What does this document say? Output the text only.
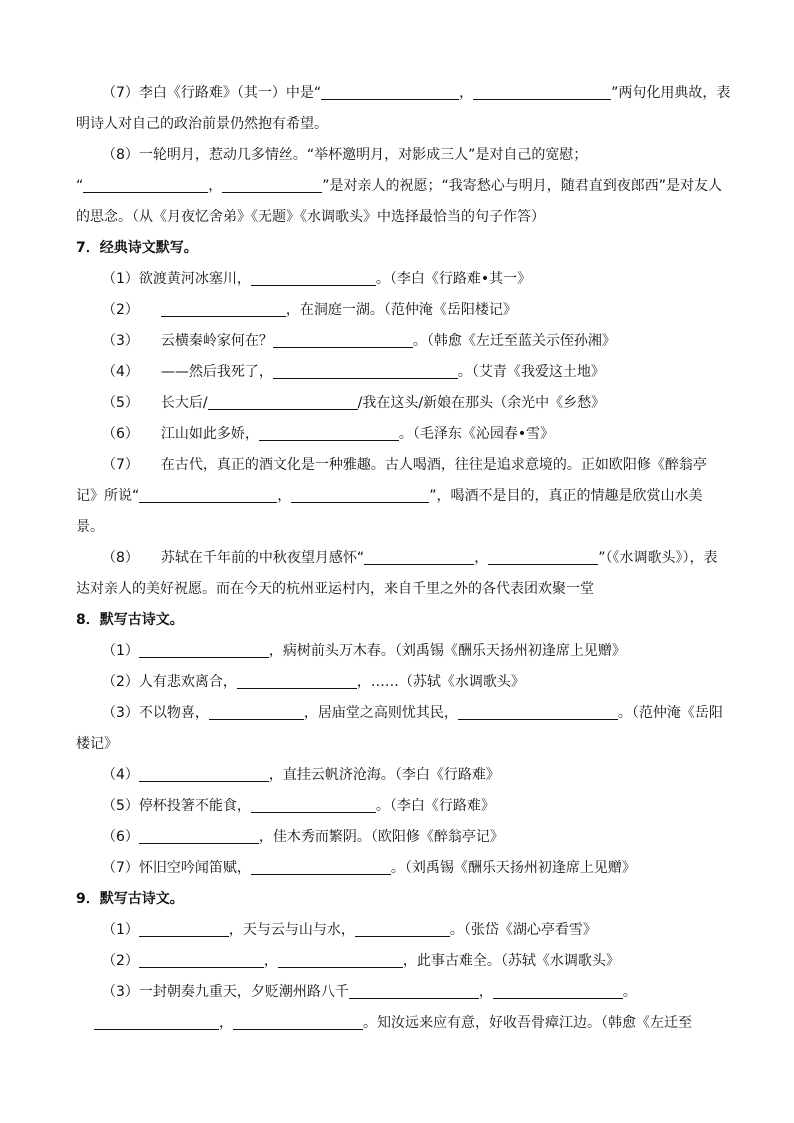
（7）李白《行路难》（其一）中是“	，	”两句化用典故，表
明诗人对自己的政治前景仍然抱有希望。
（8）一轮明月，惹动几多情丝。“举杯邀明月，对影成三人”是对自己的宽慰；
“	，	”是对亲人的祝愿；“我寄愁心与明月，随君直到夜郎西”是对友人
的思念。（从《月夜忆舍弟》《无题》《水调歌头》中选择最恰当的句子作答）
7．经典诗文默写。
（1）欲渡黄河冰塞川，	。（李白《行路难•其一》
（2）	，在洞庭一湖。（范仲淹《岳阳楼记》
（3） 云横秦岭家何在？	。（韩愈《左迁至蓝关示侄孙湘》
（4） ——然后我死了，	。（艾青《我爱这土地》
（5） 长大后/	/我在这头/新娘在那头（余光中《乡愁》
（6） 江山如此多娇，	。（毛泽东《沁园春•雪》
（7） 在古代，真正的酒文化是一种雅趣。古人喝酒，往往是追求意境的。正如欧阳修《醉翁亭
记》所说“	，	”，喝酒不是目的，真正的情趣是欣赏山水美
景。
（8） 苏轼在千年前的中秋夜望月感怀“	，	”（《水调歌头》），表
达对亲人的美好祝愿。而在今天的杭州亚运村内，来自千里之外的各代表团欢聚一堂
8．默写古诗文。
（1）	，病树前头万木春。（刘禹锡《酬乐天扬州初逢席上见赠》
（2）人有悲欢离合，	，……（苏轼《水调歌头》
（3）不以物喜，	，居庙堂之高则忧其民，	。（范仲淹《岳阳
楼记》
（4）	，直挂云帆济沧海。（李白《行路难》
（5）停杯投箸不能食，	。（李白《行路难》
（6）	，佳木秀而繁阴。（欧阳修《醉翁亭记》
（7）怀旧空吟闻笛赋，	。（刘禹锡《酬乐天扬州初逢席上见赠》
9．默写古诗文。
（1）	，天与云与山与水，	。（张岱《湖心亭看雪》
（2）	，	，此事古难全。（苏轼《水调歌头》
（3）一封朝奏九重天，夕贬潮州路八千	，	。
，	。知汝远来应有意，好收吾骨瘴江边。（韩愈《左迁至
